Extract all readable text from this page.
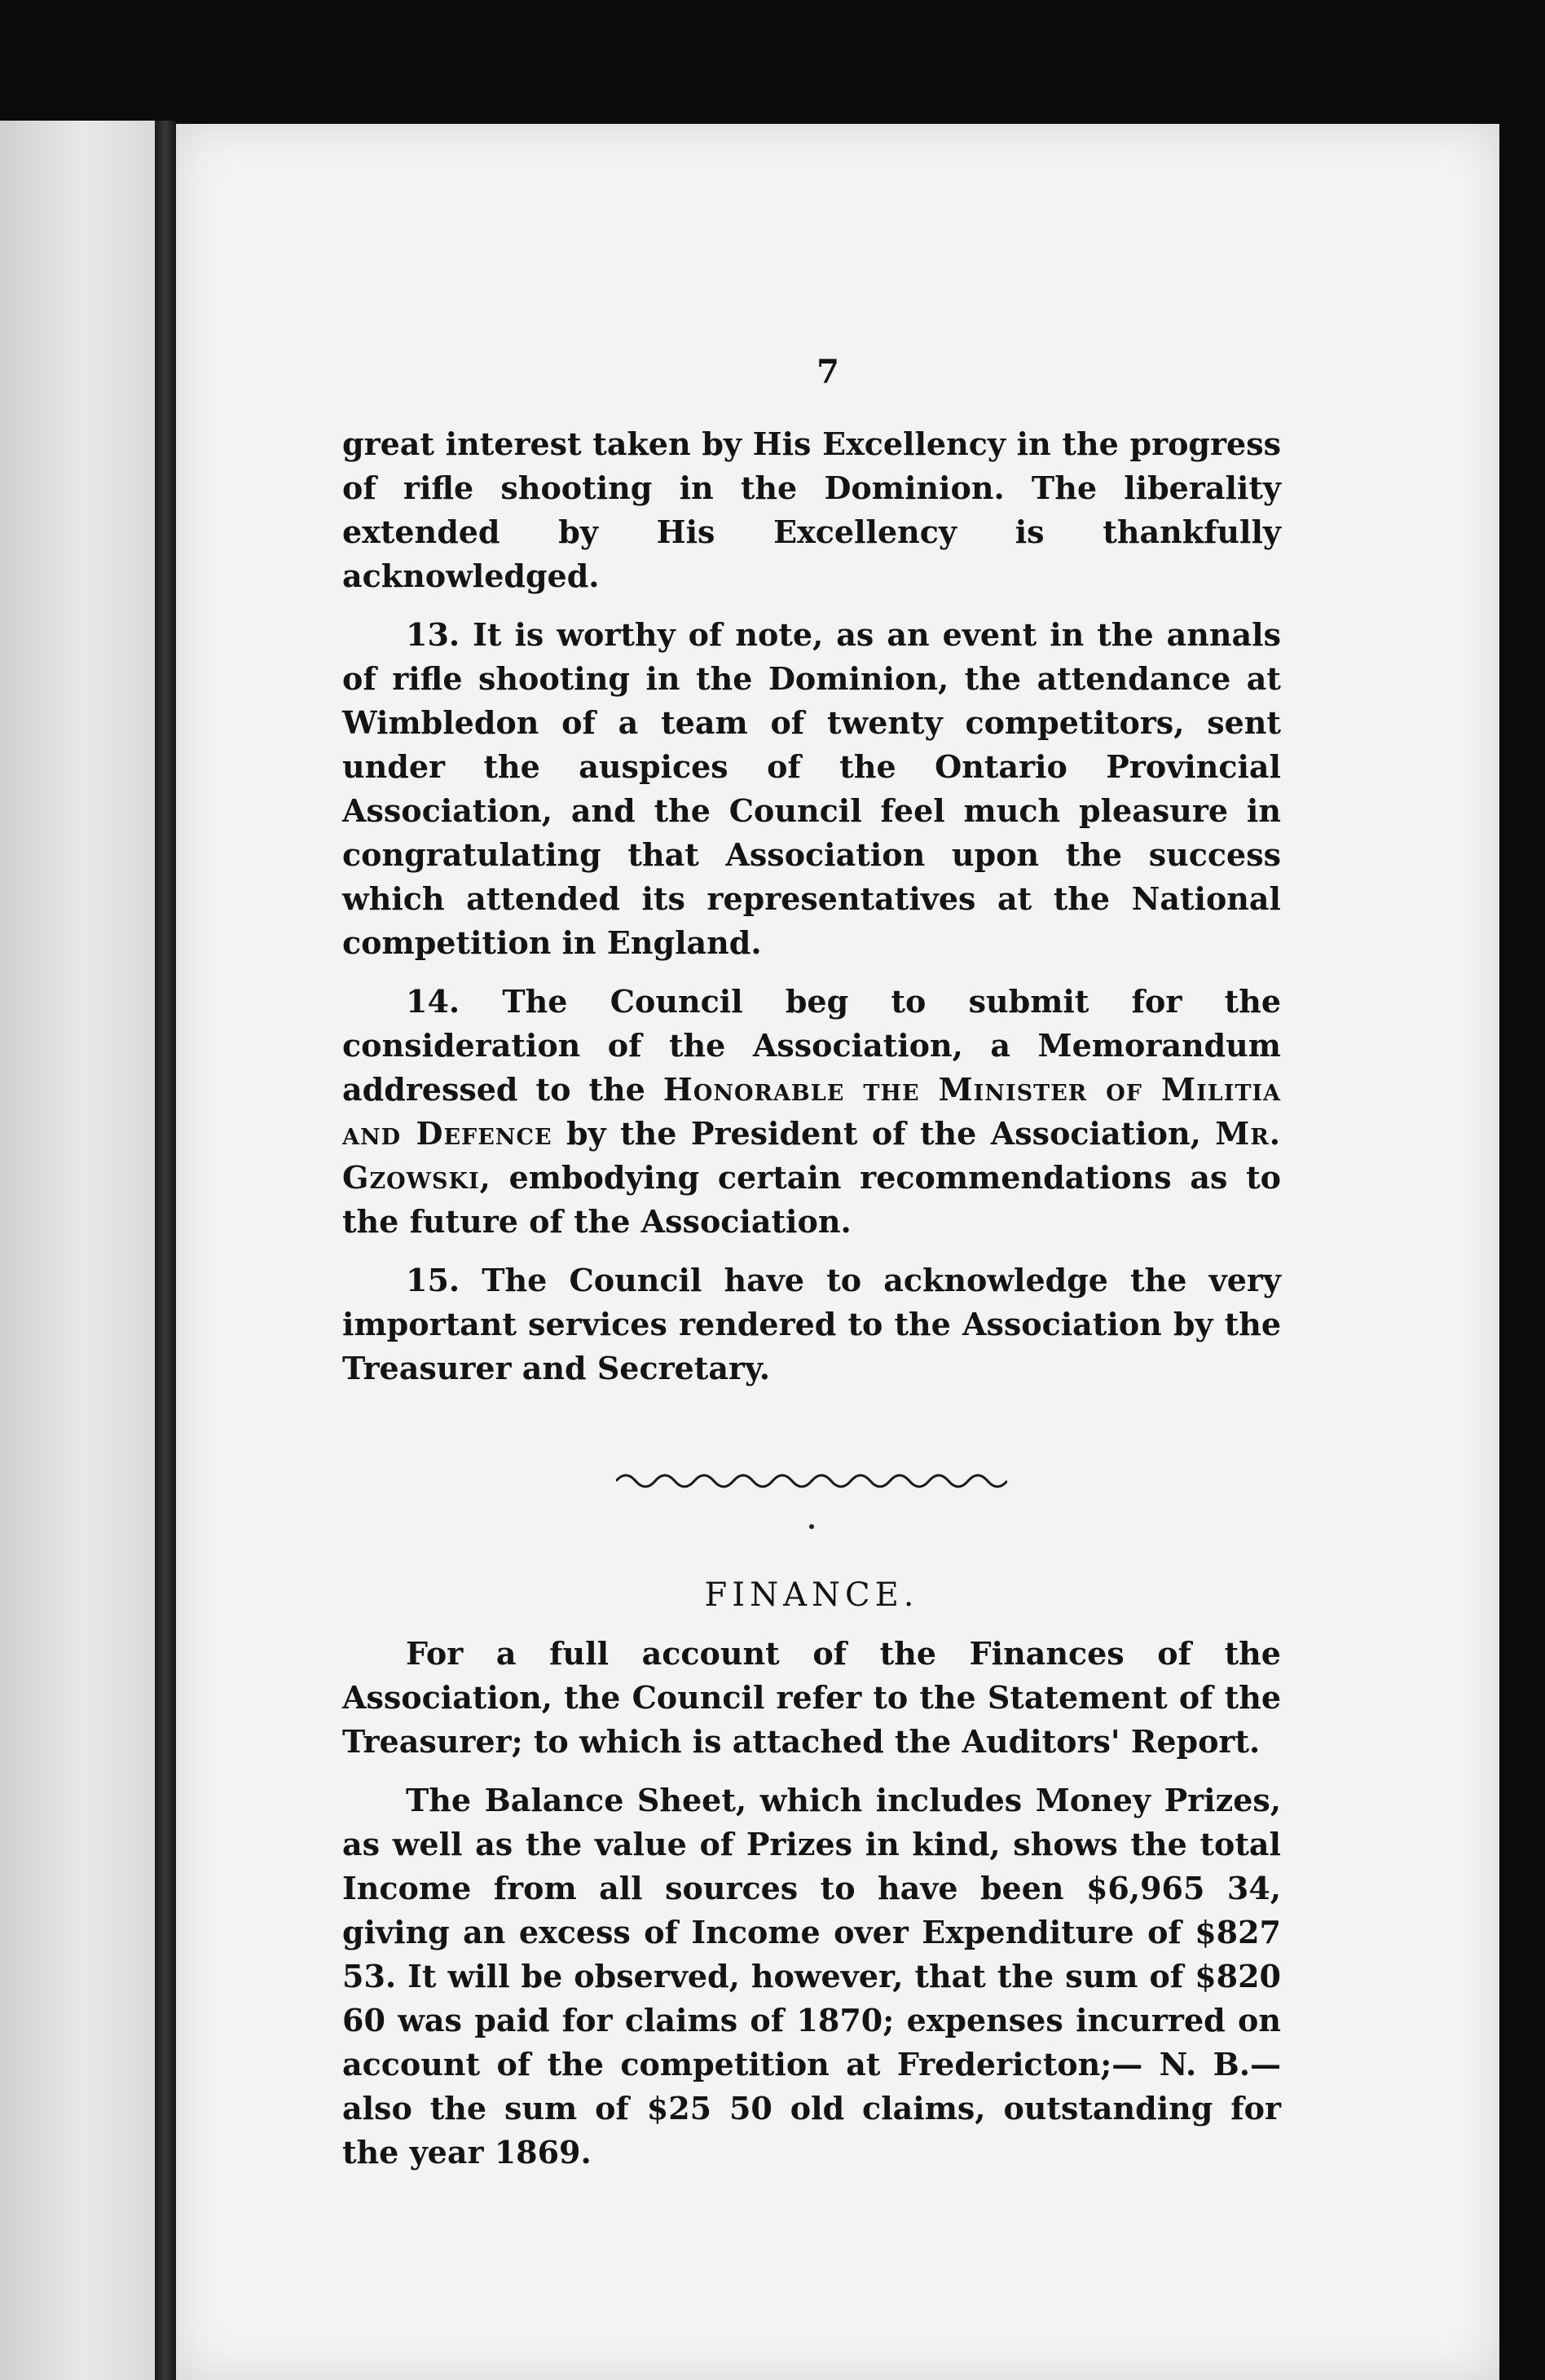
7

great interest taken by His Excellency in the progress of rifle shooting in the Dominion. The liberality extended by His Excellency is thankfully acknowledged.

13. It is worthy of note, as an event in the annals of rifle shooting in the Dominion, the attendance at Wimbledon of a team of twenty competitors, sent under the auspices of the Ontario Provincial Association, and the Council feel much pleasure in congratulating that Association upon the success which attended its representatives at the National competition in England.

14. The Council beg to submit for the consideration of the Association, a Memorandum addressed to the Honorable the Minister of Militia and Defence by the President of the Association, Mr. Gzowski, embodying certain recommendations as to the future of the Association.

15. The Council have to acknowledge the very important services rendered to the Association by the Treasurer and Secretary.

FINANCE.

For a full account of the Finances of the Association, the Council refer to the Statement of the Treasurer; to which is attached the Auditors' Report.

The Balance Sheet, which includes Money Prizes, as well as the value of Prizes in kind, shows the total Income from all sources to have been $6,965 34, giving an excess of Income over Expenditure of $827 53. It will be observed, however, that the sum of $820 60 was paid for claims of 1870; expenses incurred on account of the competition at Fredericton;— N. B.—also the sum of $25 50 old claims, outstanding for the year 1869.
